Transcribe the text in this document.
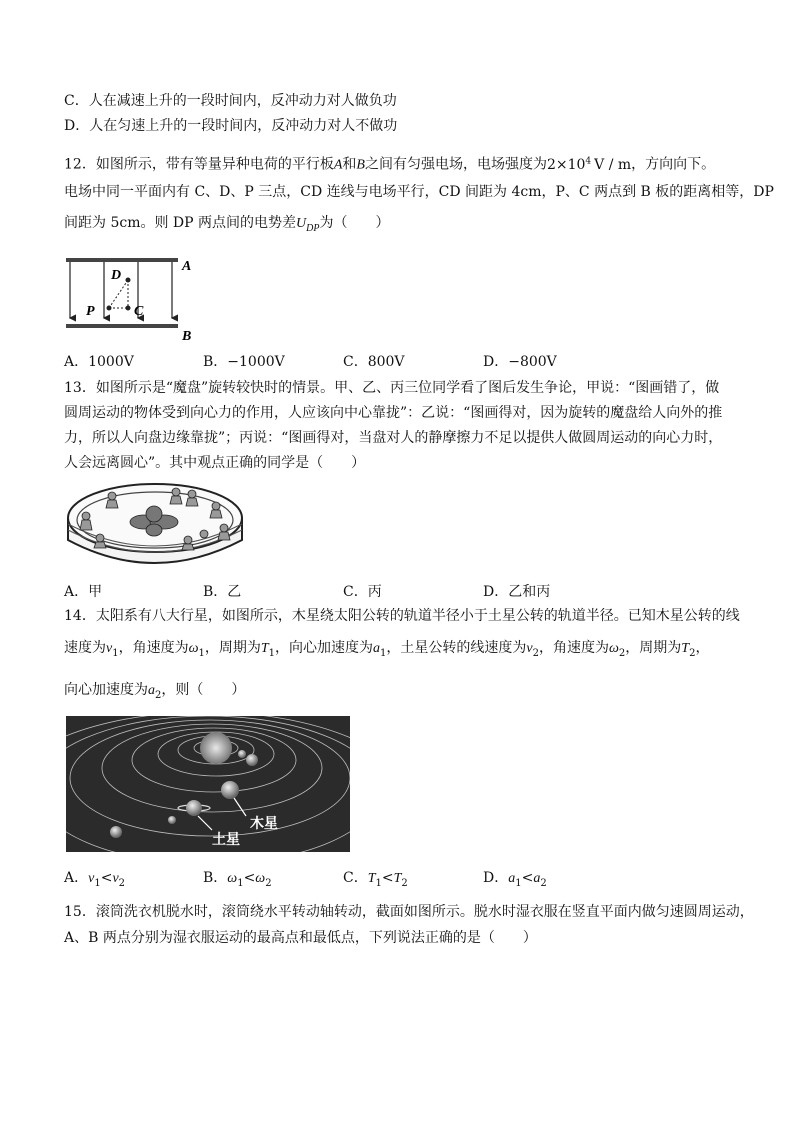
C．人在减速上升的一段时间内，反冲动力对人做负功
D．人在匀速上升的一段时间内，反冲动力对人不做功
12．如图所示，带有等量异种电荷的平行板A和B之间有匀强电场，电场强度为$2\times 10^4$ V / m，方向向下。
电场中同一平面内有 C、D、P 三点，CD 连线与电场平行，CD 间距为 4cm，P、C 两点到 B 板的距离相等，DP
间距为 5cm。则 DP 两点间的电势差$U_{DP}$为（　　）
A
B
D
P	C
A．1000V	B．−1000V	C．800V	D．−800V
13．如图所示是“魔盘”旋转较快时的情景。甲、乙、丙三位同学看了图后发生争论，甲说：“图画错了，做
圆周运动的物体受到向心力的作用，人应该向中心靠拢”：乙说：“图画得对，因为旋转的魔盘给人向外的推
力，所以人向盘边缘靠拢”；丙说：“图画得对，当盘对人的静摩擦力不足以提供人做圆周运动的向心力时，
人会远离圆心”。其中观点正确的同学是（　　）
A．甲	B．乙	C．丙	D．乙和丙
14．太阳系有八大行星，如图所示，木星绕太阳公转的轨道半径小于土星公转的轨道半径。已知木星公转的线
速度为$v_1$，角速度为$\omega_1$，周期为$T_1$，向心加速度为$a_1$，土星公转的线速度为$v_2$，角速度为$\omega_2$，周期为$T_2$，
向心加速度为$a_2$，则（　　）
木星
土星
A．$v_1<v_2$	B．$\omega_1<\omega_2$	C．$T_1<T_2$	D．$a_1<a_2$
15．滚筒洗衣机脱水时，滚筒绕水平转动轴转动，截面如图所示。脱水时湿衣服在竖直平面内做匀速圆周运动，
A、B 两点分别为湿衣服运动的最高点和最低点，下列说法正确的是（　　）
